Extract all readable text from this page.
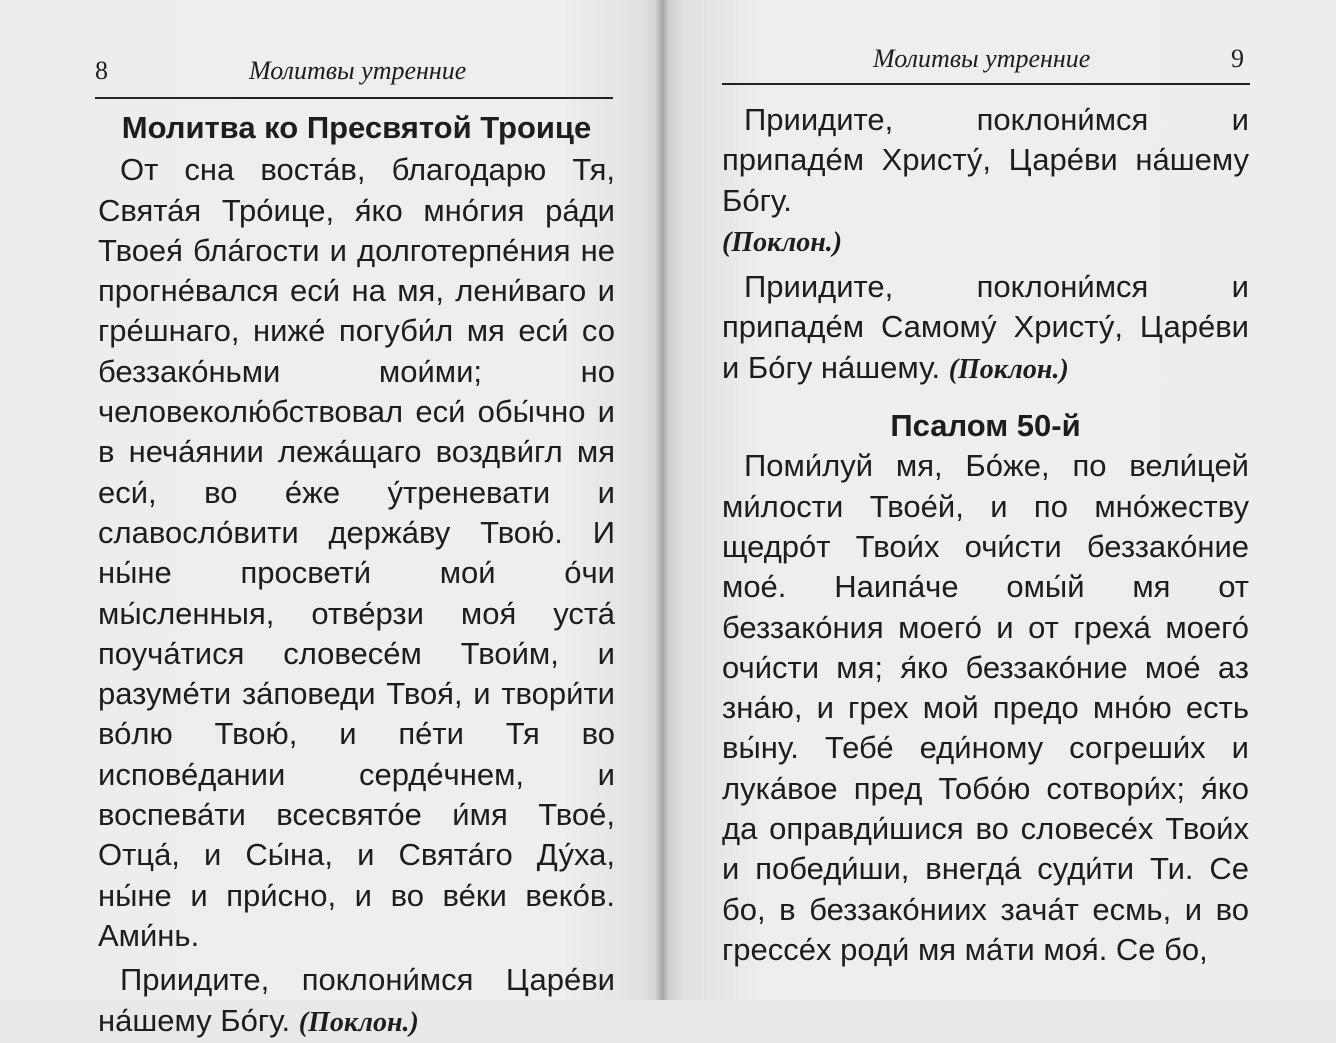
8	Молитвы утренние
Молитва ко Пресвятой Троице

От сна воста́в, благодарю Тя, Свята́я Тро́ице, я́ко мно́гия ра́ди Твоея́ бла́гости и долготерпе́ния не прогне́вался еси́ на мя, лени́ваго и гре́шнаго, ниже́ погуби́л мя еси́ со беззако́ньми мои́ми; но человеколю́бствовал еси́ обы́чно и в неча́янии лежа́щаго воздви́гл мя еси́, во е́же у́треневати и славосло́вити держа́ву Твою́. И ны́не просвети́ мои́ о́чи мы́сленныя, отве́рзи моя́ уста́ поуча́тися словесе́м Твои́м, и разуме́ти за́поведи Твоя́, и твори́ти во́лю Твою́, и пе́ти Тя во испове́дании серде́чнем, и воспева́ти всесвято́е и́мя Твое́, Отца́, и Сы́на, и Свята́го Ду́ха, ны́не и при́сно, и во ве́ки веко́в. Ами́нь.

Приидите, поклони́мся Царе́ви на́шему Бо́гу. (Поклон.)

Молитвы утренние	9

Приидите, поклони́мся и припаде́м Христу́, Царе́ви на́шему Бо́гу.
(Поклон.)

Приидите, поклони́мся и припаде́м Самому́ Христу́, Царе́ви и Бо́гу на́шему. (Поклон.)

Псалом 50-й

Поми́луй мя, Бо́же, по вели́цей ми́лости Твое́й, и по мно́жеству щедро́т Твои́х очи́сти беззако́ние мое́. Наипа́че омы́й мя от беззако́ния моего́ и от греха́ моего́ очи́сти мя; я́ко беззако́ние мое́ аз зна́ю, и грех мой предо мно́ю есть вы́ну. Тебе́ еди́ному согреши́х и лука́вое пред Тобо́ю сотвори́х; я́ко да оправди́шися во словесе́х Твои́х и победи́ши, внегда́ суди́ти Ти. Се бо, в беззако́ниих зача́т есмь, и во грессе́х роди́ мя ма́ти моя́. Се бо,
